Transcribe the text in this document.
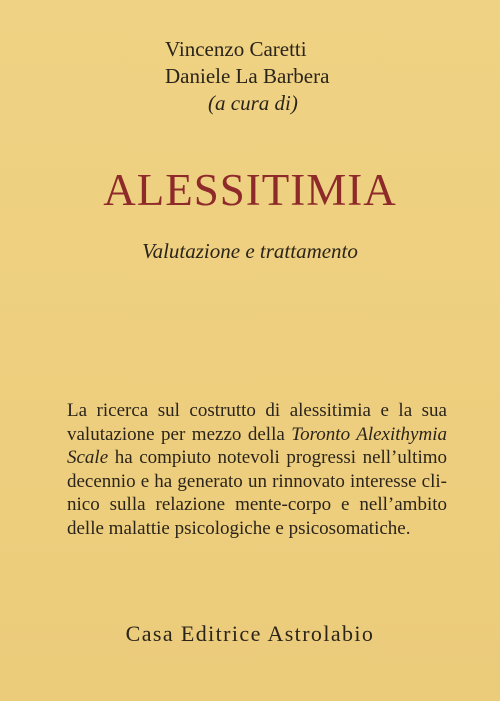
Vincenzo Caretti
Daniele La Barbera
(a cura di)
ALESSITIMIA
Valutazione e trattamento
La ricerca sul costrutto di alessitimia e la sua
valutazione per mezzo della Toronto Alexithymia
Scale ha compiuto notevoli progressi nell’ultimo
decennio e ha generato un rinnovato interesse cli-
nico sulla relazione mente-corpo e nell’ambito
delle malattie psicologiche e psicosomatiche.
Casa Editrice Astrolabio
